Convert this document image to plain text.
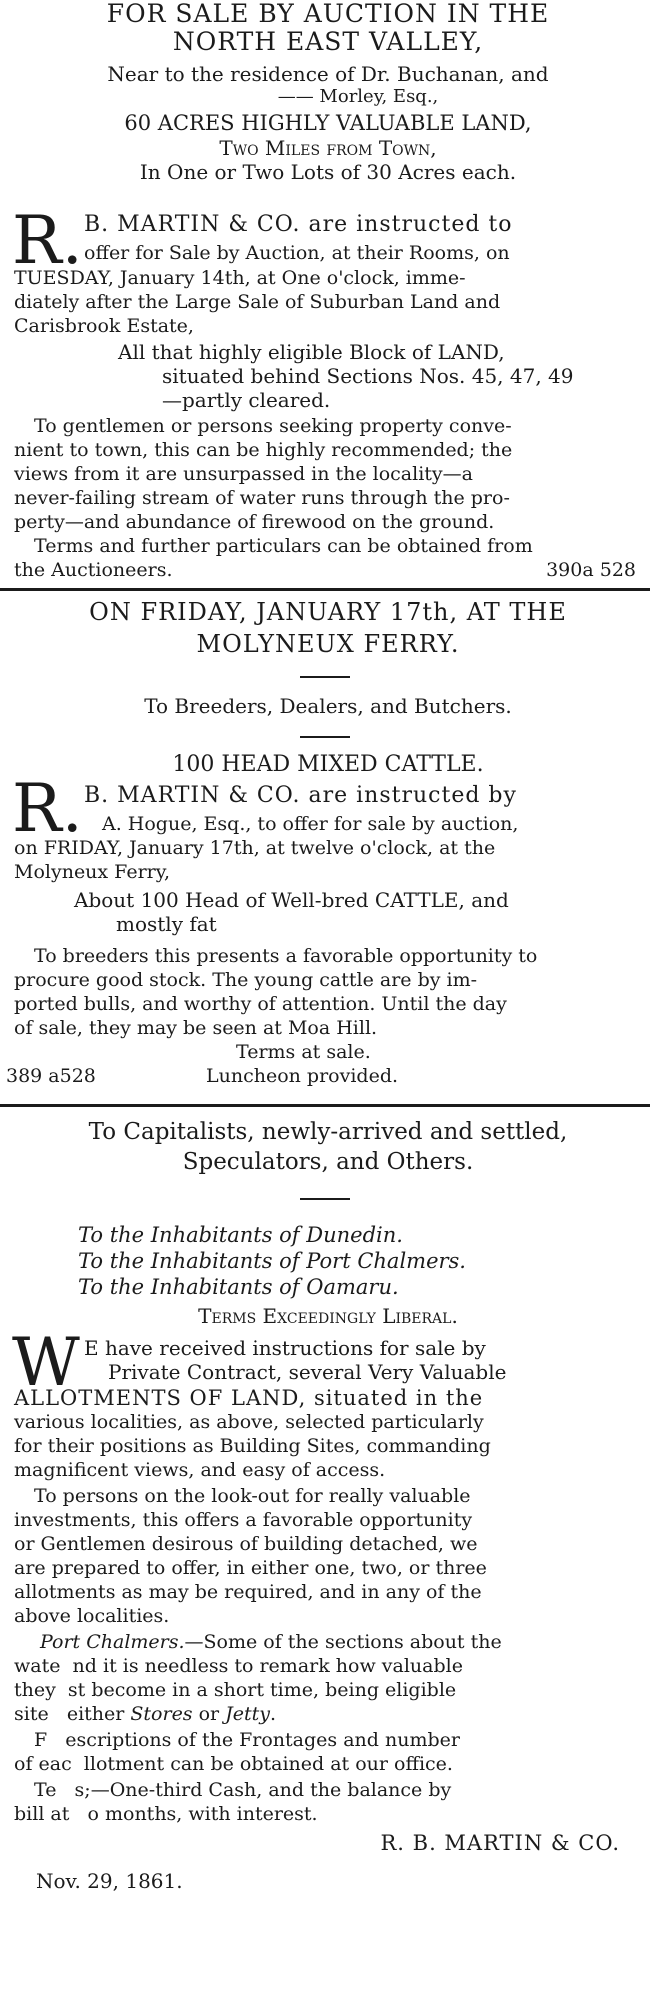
FOR SALE BY AUCTION IN THE
NORTH EAST VALLEY,
Near to the residence of Dr. Buchanan, and
—— Morley, Esq.,
60 ACRES HIGHLY VALUABLE LAND,
Two Miles from Town,
In One or Two Lots of 30 Acres each.
R. B. MARTIN & CO. are instructed to
offer for Sale by Auction, at their Rooms, on
TUESDAY, January 14th, at One o'clock, imme-
diately after the Large Sale of Suburban Land and
Carisbrook Estate,
All that highly eligible Block of LAND,
situated behind Sections Nos. 45, 47, 49
—partly cleared.
To gentlemen or persons seeking property conve-
nient to town, this can be highly recommended; the
views from it are unsurpassed in the locality—a
never-failing stream of water runs through the pro-
perty—and abundance of firewood on the ground.
Terms and further particulars can be obtained from
the Auctioneers.	390a 528
ON FRIDAY, JANUARY 17th, AT THE
MOLYNEUX FERRY.
To Breeders, Dealers, and Butchers.
100 HEAD MIXED CATTLE.
R. B. MARTIN & CO. are instructed by
A. Hogue, Esq., to offer for sale by auction,
on FRIDAY, January 17th, at twelve o'clock, at the
Molyneux Ferry,
About 100 Head of Well-bred CATTLE, and
mostly fat
To breeders this presents a favorable opportunity to
procure good stock. The young cattle are by im-
ported bulls, and worthy of attention. Until the day
of sale, they may be seen at Moa Hill.
Terms at sale.
389 a528	Luncheon provided.
To Capitalists, newly-arrived and settled,
Speculators, and Others.
To the Inhabitants of Dunedin.
To the Inhabitants of Port Chalmers.
To the Inhabitants of Oamaru.
Terms Exceedingly Liberal.
W E have received instructions for sale by
Private Contract, several Very Valuable
ALLOTMENTS OF LAND, situated in the
various localities, as above, selected particularly
for their positions as Building Sites, commanding
magnificent views, and easy of access.
To persons on the look-out for really valuable
investments, this offers a favorable opportunity
or Gentlemen desirous of building detached, we
are prepared to offer, in either one, two, or three
allotments as may be required, and in any of the
above localities.
Port Chalmers.—Some of the sections about the
wate  nd it is needless to remark how valuable
they  st become in a short time, being eligible
site   either Stores or Jetty.
F   escriptions of the Frontages and number
of eac  llotment can be obtained at our office.
Te   s;—One-third Cash, and the balance by
bill at   o months, with interest.
R. B. MARTIN & CO.
Nov. 29, 1861.
